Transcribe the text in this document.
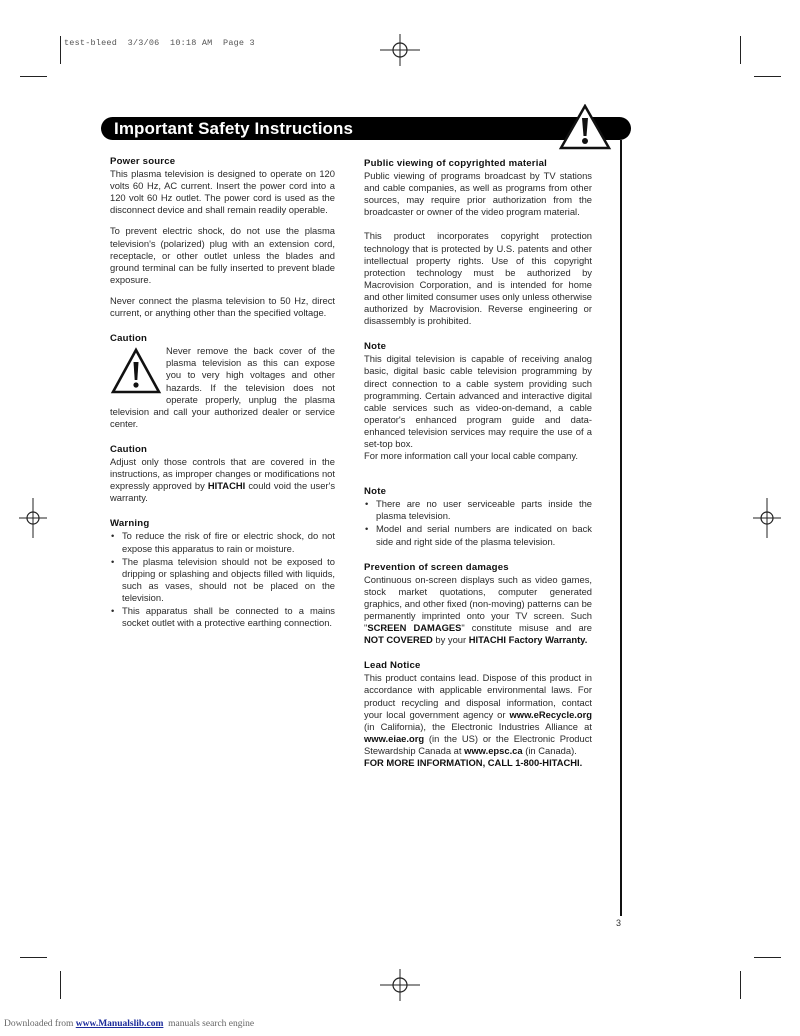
test-bleed  3/3/06  10:18 AM  Page 3
Important Safety Instructions
Power source

This plasma television is designed to operate on 120 volts 60 Hz, AC current. Insert the power cord into a 120 volt 60 Hz outlet. The power cord is used as the disconnect device and shall remain readily operable.

To prevent electric shock, do not use the plasma television's (polarized) plug with an extension cord, receptacle, or other outlet unless the blades and ground terminal can be fully inserted to prevent blade exposure.

Never connect the plasma television to 50 Hz, direct current, or anything other than the specified voltage.

Caution
Never remove the back cover of the plasma television as this can expose you to very high voltages and other hazards. If the television does not operate properly, unplug the plasma television and call your authorized dealer or service center.
Caution

Adjust only those controls that are covered in the instructions, as improper changes or modifications not expressly approved by HITACHI could void the user's warranty.

Warning
• To reduce the risk of fire or electric shock, do not expose this apparatus to rain or moisture.
• The plasma television should not be exposed to dripping or splashing and objects filled with liquids, such as vases, should not be placed on the television.
• This apparatus shall be connected to a mains socket outlet with a protective earthing connection.
Public viewing of copyrighted material

Public viewing of programs broadcast by TV stations and cable companies, as well as programs from other sources, may require prior authorization from the broadcaster or owner of the video program material.

This product incorporates copyright protection technology that is protected by U.S. patents and other intellectual property rights. Use of this copyright protection technology must be authorized by Macrovision Corporation, and is intended for home and other limited consumer uses only unless otherwise authorized by Macrovision. Reverse engineering or disassembly is prohibited.

Note

This digital television is capable of receiving analog basic, digital basic cable television programming by direct connection to a cable system providing such programming. Certain advanced and interactive digital cable services such as video-on-demand, a cable operator's enhanced program guide and data-enhanced television services may require the use of a set-top box.

For more information call your local cable company.

Note
• There are no user serviceable parts inside the plasma television.
• Model and serial numbers are indicated on back side and right side of the plasma television.
Prevention of screen damages

Continuous on-screen displays such as video games, stock market quotations, computer generated graphics, and other fixed (non-moving) patterns can be permanently imprinted onto your TV screen. Such "SCREEN DAMAGES" constitute misuse and are NOT COVERED by your HITACHI Factory Warranty.

Lead Notice

This product contains lead. Dispose of this product in accordance with applicable environmental laws. For product recycling and disposal information, contact your local government agency or www.eRecycle.org (in California), the Electronic Industries Alliance at www.eiae.org (in the US) or the Electronic Product Stewardship Canada at www.epsc.ca (in Canada).

FOR MORE INFORMATION, CALL 1-800-HITACHI.

3
Downloaded from www.Manualslib.com  manuals search engine
